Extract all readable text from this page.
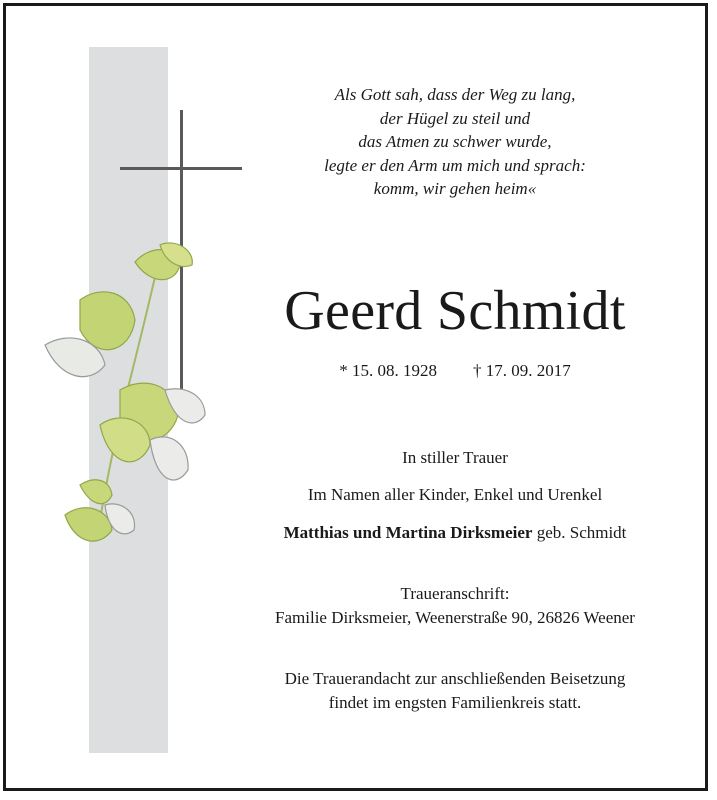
Als Gott sah, dass der Weg zu lang,
der Hügel zu steil und
das Atmen zu schwer wurde,
legte er den Arm um mich und sprach:
komm, wir gehen heim«
Geerd Schmidt
* 15. 08. 1928 † 17. 09. 2017
In stiller Trauer
Im Namen aller Kinder, Enkel und Urenkel
Matthias und Martina Dirksmeier geb. Schmidt
Traueranschrift:
Familie Dirksmeier, Weenerstraße 90, 26826 Weener
Die Trauerandacht zur anschließenden Beisetzung
findet im engsten Familienkreis statt.
